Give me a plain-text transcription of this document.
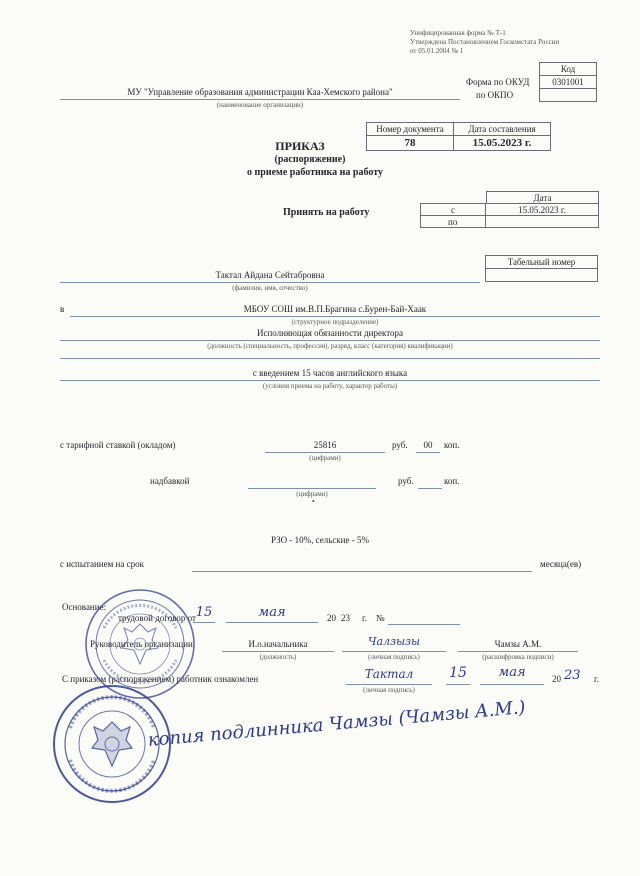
Унифицированная форма № Т-1
Утверждена Постановлением Госкомстата России
от 05.01.2004 № 1
Код
0301001
Форма по ОКУД
по ОКПО
МУ "Управление образования администрации Каа-Хемского района"
(наименование организации)
Номер документа	Дата составления
78	15.05.2023 г.
ПРИКАЗ
(распоряжение)
о приеме работника на работу
Дата
с	15.05.2023 г.
по
Принять на работу
Табельный номер
Тактал Айдана Сейтабровна
(фамилия, имя, отчество)
в	МБОУ СОШ им.В.П.Брагина с.Бурен-Бай-Хаак
(структурное подразделение)
Исполняющая обязанности директора
(должность (специальность, профессия), разряд, класс (категория) квалификации)
с введением 15 часов английского языка
(условия приема на работу, характер работы)
с тарифной ставкой (окладом)	25816
(цифрами)
руб.	00	коп.
надбавкой
(цифрами)
руб.	коп.
РЗО - 10%, сельские - 5%
с испытанием на срок	месяца(ев)
Основание:
трудовой договор от 15	мая	20 23 г. №
Руководитель организации	И.о.начальника
(должность)
Чалзызы
(личная подпись)
Чамзы А.М.
(расшифровка подписи)
С приказом (распоряжением) работник ознакомлен	Тактал
(личная подпись)
15	мая	20 23 г.
копия подлинника Чамзы (Чамзы А.М.)
•
